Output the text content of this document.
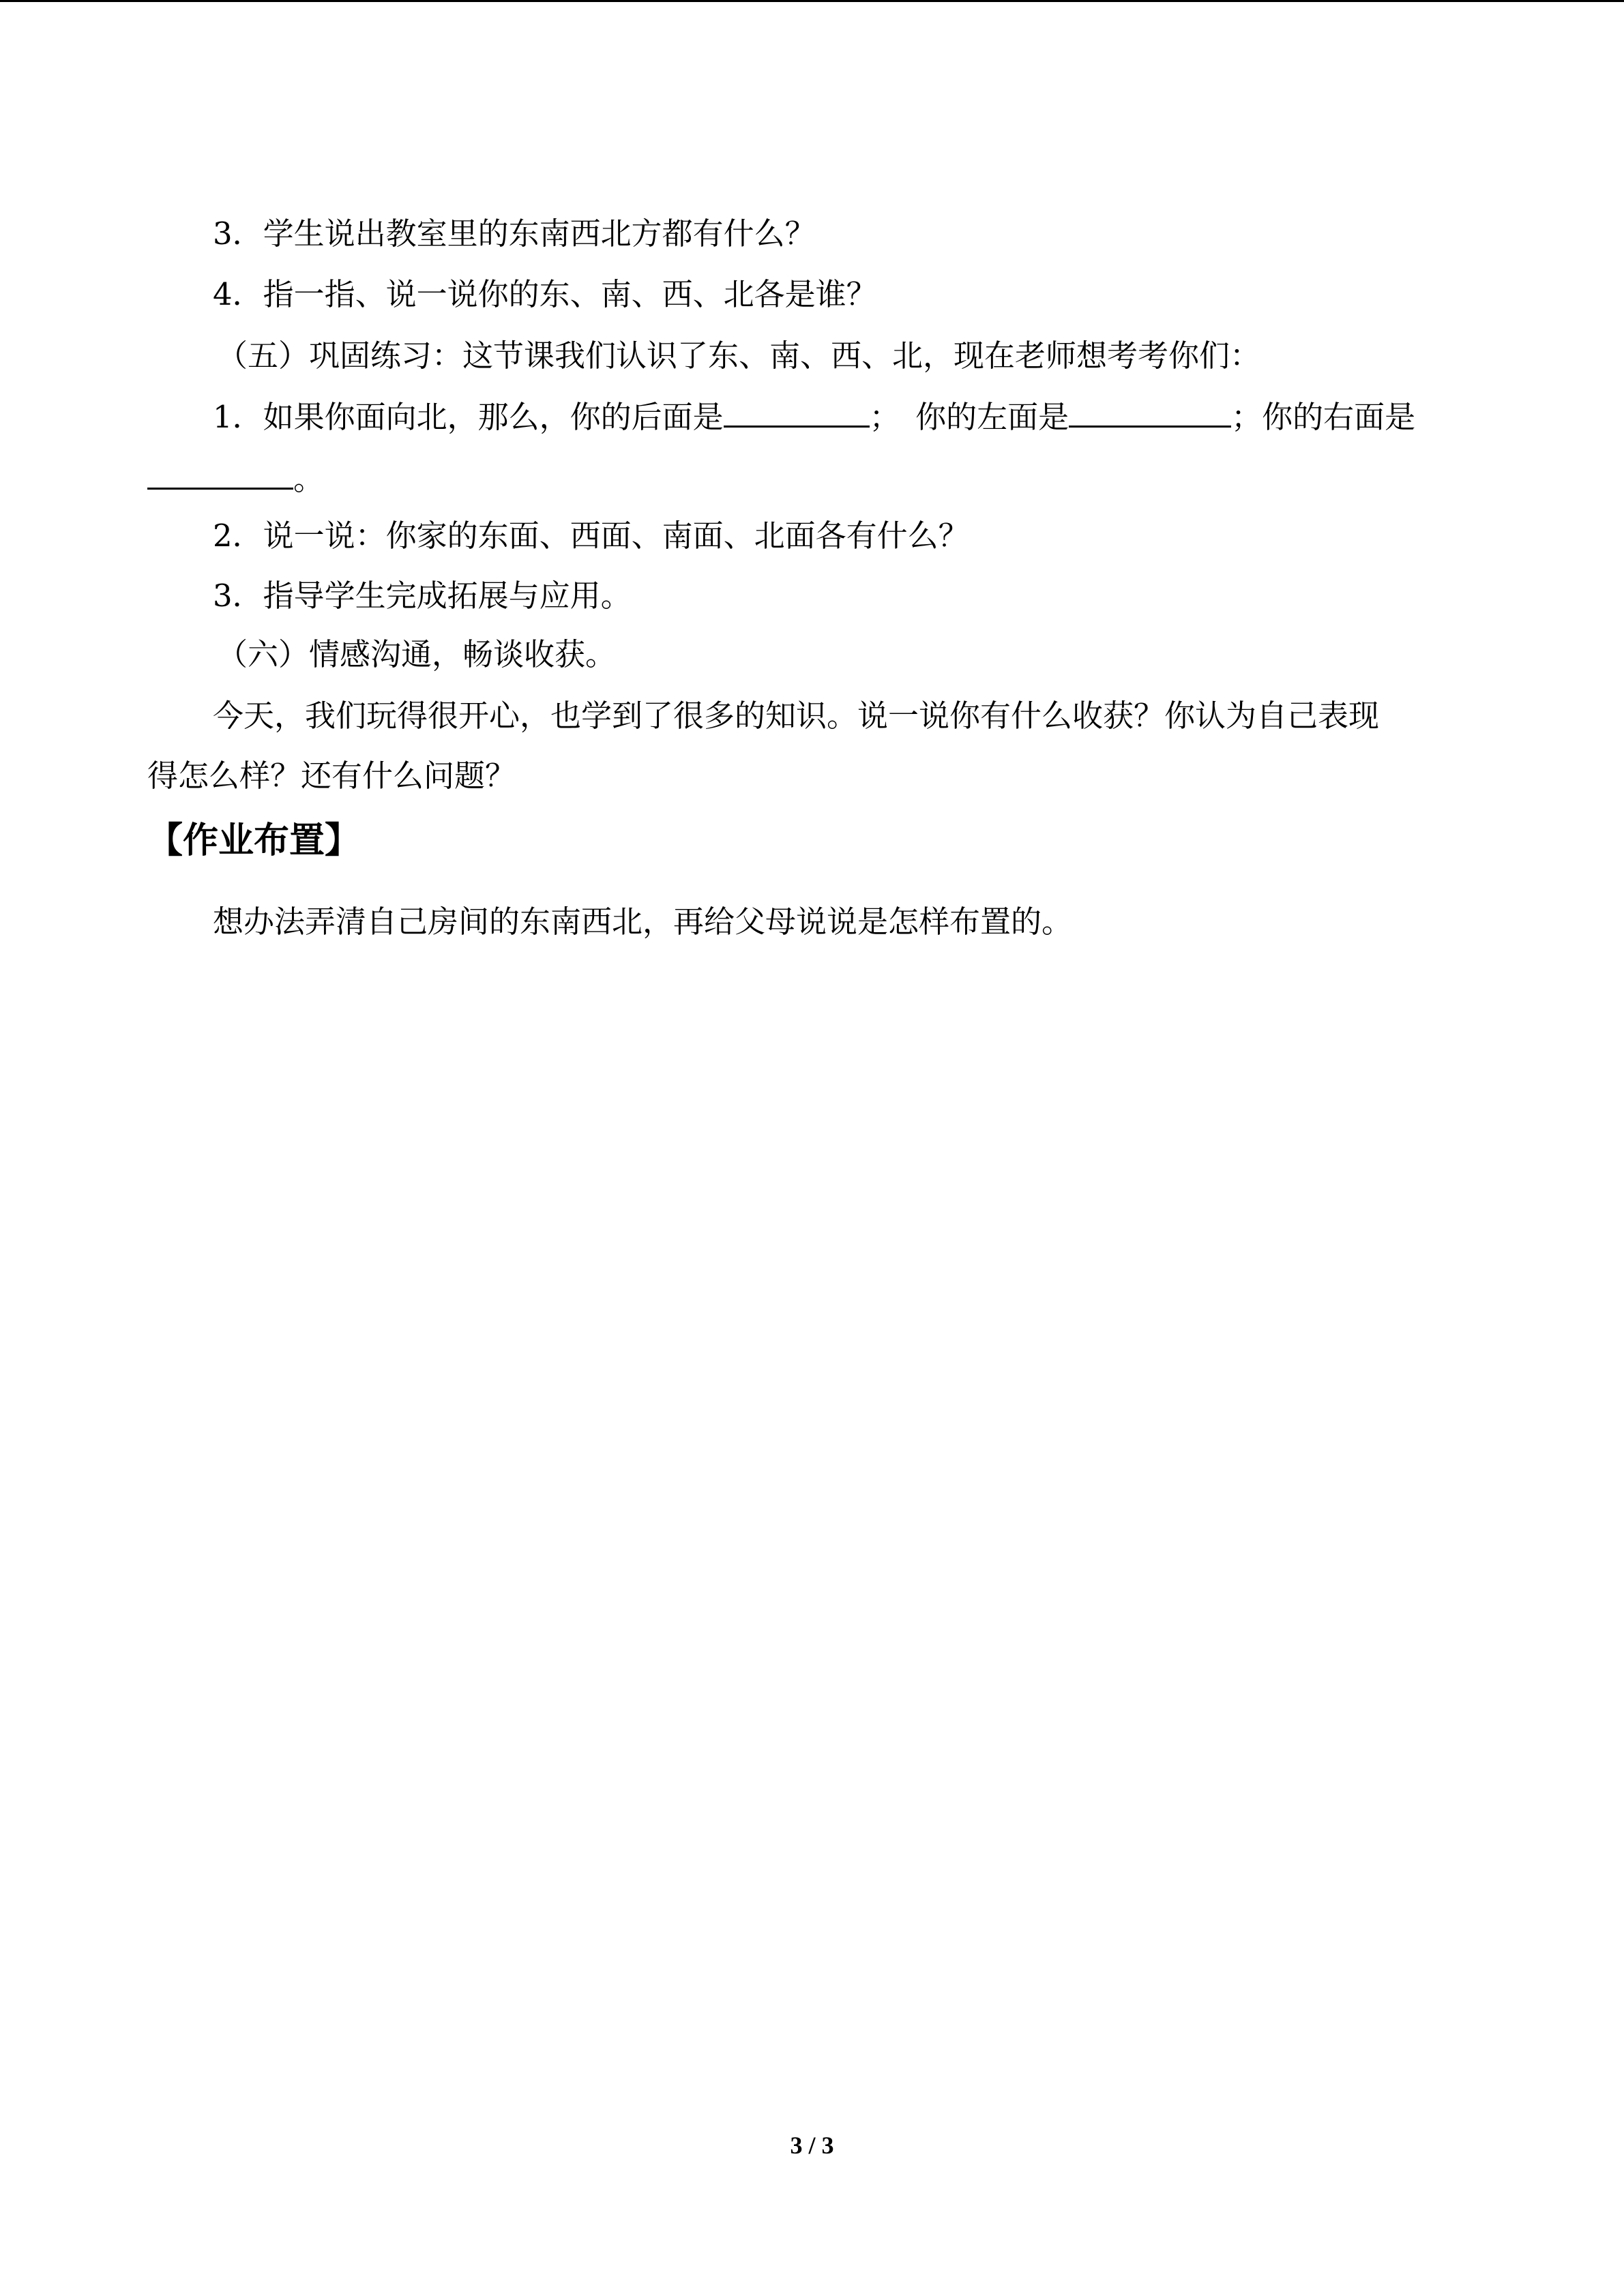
3．学生说出教室里的东南西北方都有什么？
4．指一指、说一说你的东、南、西、北各是谁？
（五）巩固练习：这节课我们认识了东、南、西、北，现在老师想考考你们：
1．如果你面向北，那么，你的后面是	；　你的左面是	；你的右面是
。
2．说一说：你家的东面、西面、南面、北面各有什么？
3．指导学生完成拓展与应用。
（六）情感沟通，畅谈收获。
今天，我们玩得很开心，也学到了很多的知识。说一说你有什么收获？你认为自己表现
得怎么样？还有什么问题？
【作业布置】
想办法弄清自己房间的东南西北，再给父母说说是怎样布置的。
3 / 3
